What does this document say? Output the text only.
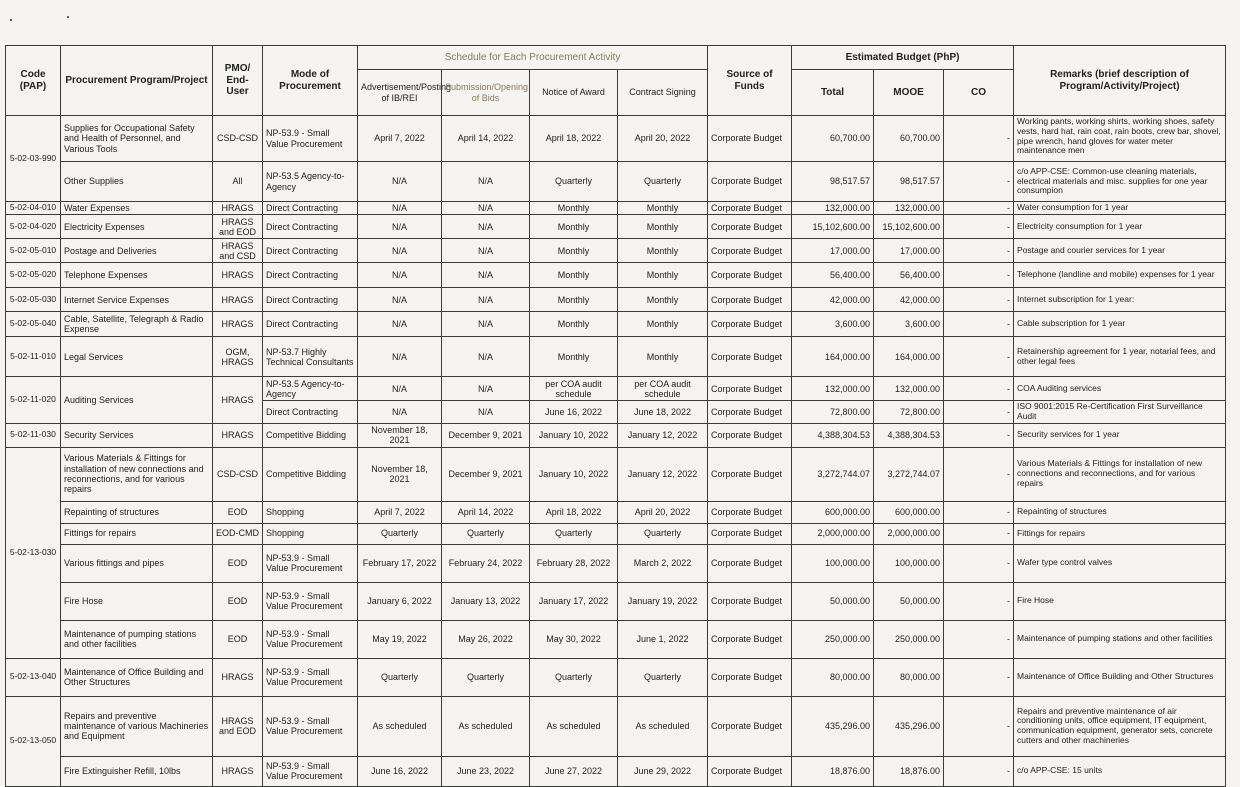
Code (PAP)	Procurement Program/Project	PMO/ End-User	Mode of Procurement	Schedule for Each Procurement Activity				Source of Funds	Estimated Budget (PhP)			Remarks (brief description of Program/Activity/Project)
				Advertisement/Posting of IB/REI	Submission/Opening of Bids	Notice of Award	Contract Signing		Total	MOOE	CO	
5-02-03-990	Supplies for Occupational Safety and Health of Personnel, and Various Tools	CSD-CSD	NP-53.9 - Small Value Procurement	April 7, 2022	April 14, 2022	April 18, 2022	April 20, 2022	Corporate Budget	60,700.00	60,700.00	-	Working pants, working shirts, working shoes, safety vests, hard hat, rain coat, rain boots, crew bar, shovel, pipe wrench, hand gloves for water meter maintenance men
	Other Supplies	All	NP-53.5 Agency-to-Agency	N/A	N/A	Quarterly	Quarterly	Corporate Budget	98,517.57	98,517.57	-	c/o APP-CSE: Common-use cleaning materials, electrical materials and misc. supplies for one year consumpion
5-02-04-010	Water Expenses	HRAGS	Direct Contracting	N/A	N/A	Monthly	Monthly	Corporate Budget	132,000.00	132,000.00	-	Water consumption for 1 year
5-02-04-020	Electricity Expenses	HRAGS and EOD	Direct Contracting	N/A	N/A	Monthly	Monthly	Corporate Budget	15,102,600.00	15,102,600.00	-	Electricity consumption for 1 year
5-02-05-010	Postage and Deliveries	HRAGS and CSD	Direct Contracting	N/A	N/A	Monthly	Monthly	Corporate Budget	17,000.00	17,000.00	-	Postage and courier services for 1 year
5-02-05-020	Telephone Expenses	HRAGS	Direct Contracting	N/A	N/A	Monthly	Monthly	Corporate Budget	56,400.00	56,400.00	-	Telephone (landline and mobile) expenses for 1 year
5-02-05-030	Internet Service Expenses	HRAGS	Direct Contracting	N/A	N/A	Monthly	Monthly	Corporate Budget	42,000.00	42,000.00	-	Internet subscription for 1 year:
5-02-05-040	Cable, Satellite, Telegraph & Radio Expense	HRAGS	Direct Contracting	N/A	N/A	Monthly	Monthly	Corporate Budget	3,600.00	3,600.00	-	Cable subscription for 1 year
5-02-11-010	Legal Services	OGM, HRAGS	NP-53.7 Highly Technical Consultants	N/A	N/A	Monthly	Monthly	Corporate Budget	164,000.00	164,000.00	-	Retainership agreement for 1 year, notarial fees, and other legal fees
5-02-11-020	Auditing Services	HRAGS	NP-53.5 Agency-to-Agency	N/A	N/A	per COA audit schedule	per COA audit schedule	Corporate Budget	132,000.00	132,000.00	-	COA Auditing services
			Direct Contracting	N/A	N/A	June 16, 2022	June 18, 2022	Corporate Budget	72,800.00	72,800.00	-	ISO 9001:2015 Re-Certification First Surveillance Audit
5-02-11-030	Security Services	HRAGS	Competitive Bidding	November 18, 2021	December 9, 2021	January 10, 2022	January 12, 2022	Corporate Budget	4,388,304.53	4,388,304.53	-	Security services for 1 year
5-02-13-030	Various Materials & Fittings for installation of new connections and reconnections, and for various repairs	CSD-CSD	Competitive Bidding	November 18, 2021	December 9, 2021	January 10, 2022	January 12, 2022	Corporate Budget	3,272,744.07	3,272,744.07	-	Various Materials & Fittings for installation of new connections and reconnections, and for various repairs
	Repainting of structures	EOD	Shopping	April 7, 2022	April 14, 2022	April 18, 2022	April 20, 2022	Corporate Budget	600,000.00	600,000.00	-	Repainting of structures
	Fittings for repairs	EOD-CMD	Shopping	Quarterly	Quarterly	Quarterly	Quarterly	Corporate Budget	2,000,000.00	2,000,000.00	-	Fittings for repairs
	Various fittings and pipes	EOD	NP-53.9 - Small Value Procurement	February 17, 2022	February 24, 2022	February 28, 2022	March 2, 2022	Corporate Budget	100,000.00	100,000.00	-	Wafer type control valves
	Fire Hose	EOD	NP-53.9 - Small Value Procurement	January 6, 2022	January 13, 2022	January 17, 2022	January 19, 2022	Corporate Budget	50,000.00	50,000.00	-	Fire Hose
	Maintenance of pumping stations and other facilities	EOD	NP-53.9 - Small Value Procurement	May 19, 2022	May 26, 2022	May 30, 2022	June 1, 2022	Corporate Budget	250,000.00	250,000.00	-	Maintenance of pumping stations and other facilities
5-02-13-040	Maintenance of Office Building and Other Structures	HRAGS	NP-53.9 - Small Value Procurement	Quarterly	Quarterly	Quarterly	Quarterly	Corporate Budget	80,000.00	80,000.00	-	Maintenance of Office Building and Other Structures
5-02-13-050	Repairs and preventive maintenance of various Machineries and Equipment	HRAGS and EOD	NP-53.9 - Small Value Procurement	As scheduled	As scheduled	As scheduled	As scheduled	Corporate Budget	435,296.00	435,296.00	-	Repairs and preventive maintenance of air conditioning units, office equipment, IT equipment, communication equipment, generator sets, concrete cutters and other machineries
	Fire Extinguisher Refill, 10lbs	HRAGS	NP-53.9 - Small Value Procurement	June 16, 2022	June 23, 2022	June 27, 2022	June 29, 2022	Corporate Budget	18,876.00	18,876.00	-	c/o APP-CSE: 15 units
